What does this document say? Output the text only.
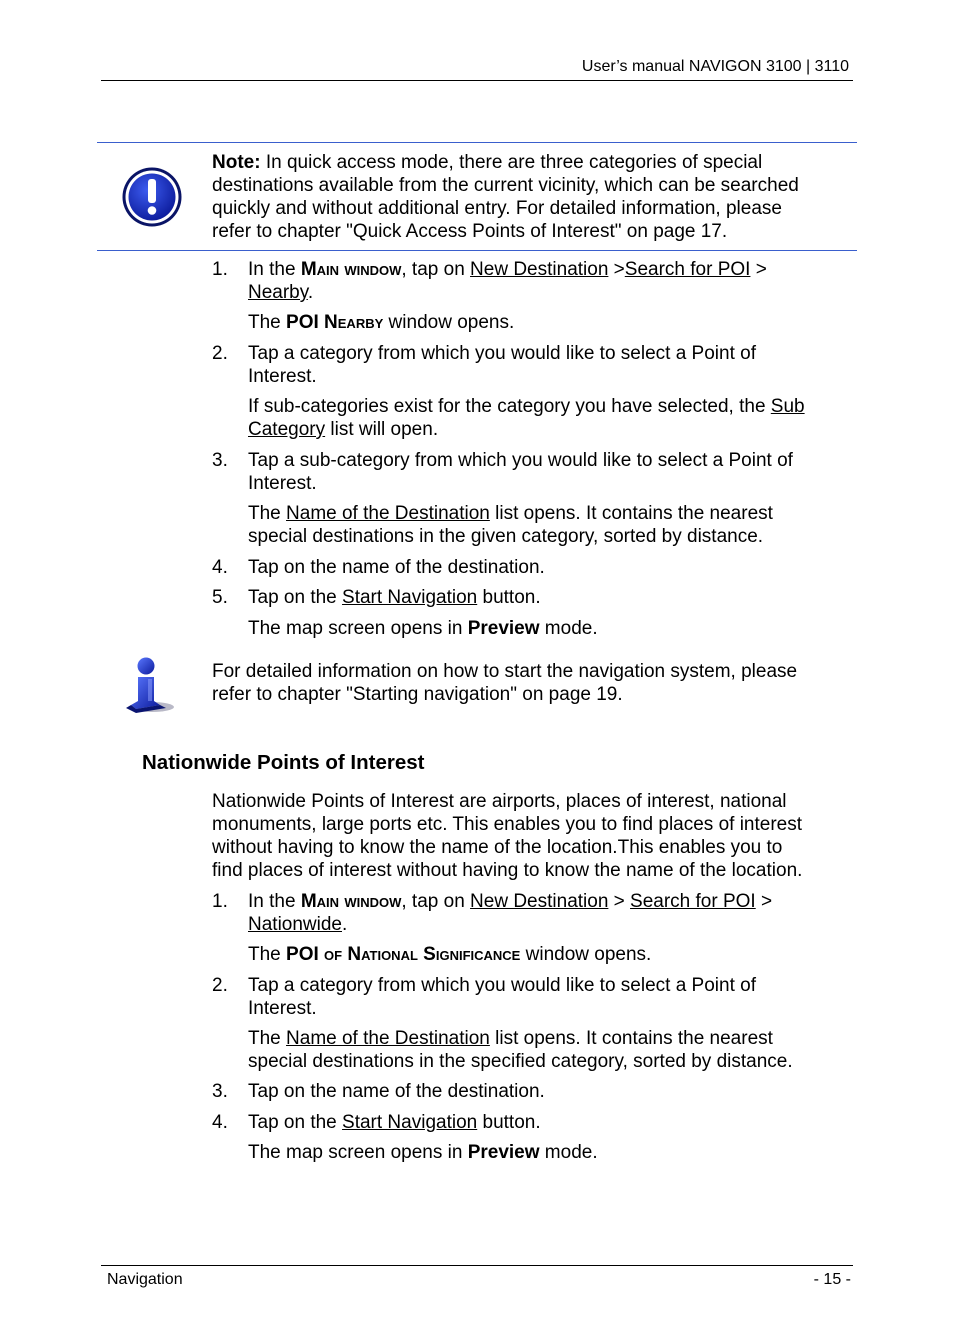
User’s manual NAVIGON 3100 | 3110
Note: In quick access mode, there are three categories of special
destinations available from the current vicinity, which can be searched
quickly and without additional entry. For detailed information, please
refer to chapter "Quick Access Points of Interest" on page 17.
1.	In the Main window, tap on New Destination >Search for POI >
Nearby.
The POI Nearby window opens.
2.	Tap a category from which you would like to select a Point of
Interest.
If sub-categories exist for the category you have selected, the Sub
Category list will open.
3.	Tap a sub-category from which you would like to select a Point of
Interest.
The Name of the Destination list opens. It contains the nearest
special destinations in the given category, sorted by distance.
4.	Tap on the name of the destination.
5.	Tap on the Start Navigation button.
The map screen opens in Preview mode.
For detailed information on how to start the navigation system, please
refer to chapter "Starting navigation" on page 19.
Nationwide Points of Interest
Nationwide Points of Interest are airports, places of interest, national
monuments, large ports etc. This enables you to find places of interest
without having to know the name of the location.This enables you to
find places of interest without having to know the name of the location.
1.	In the Main window, tap on New Destination > Search for POI >
Nationwide.
The POI of National Significance window opens.
2.	Tap a category from which you would like to select a Point of
Interest.
The Name of the Destination list opens. It contains the nearest
special destinations in the specified category, sorted by distance.
3.	Tap on the name of the destination.
4.	Tap on the Start Navigation button.
The map screen opens in Preview mode.
Navigation	- 15 -
